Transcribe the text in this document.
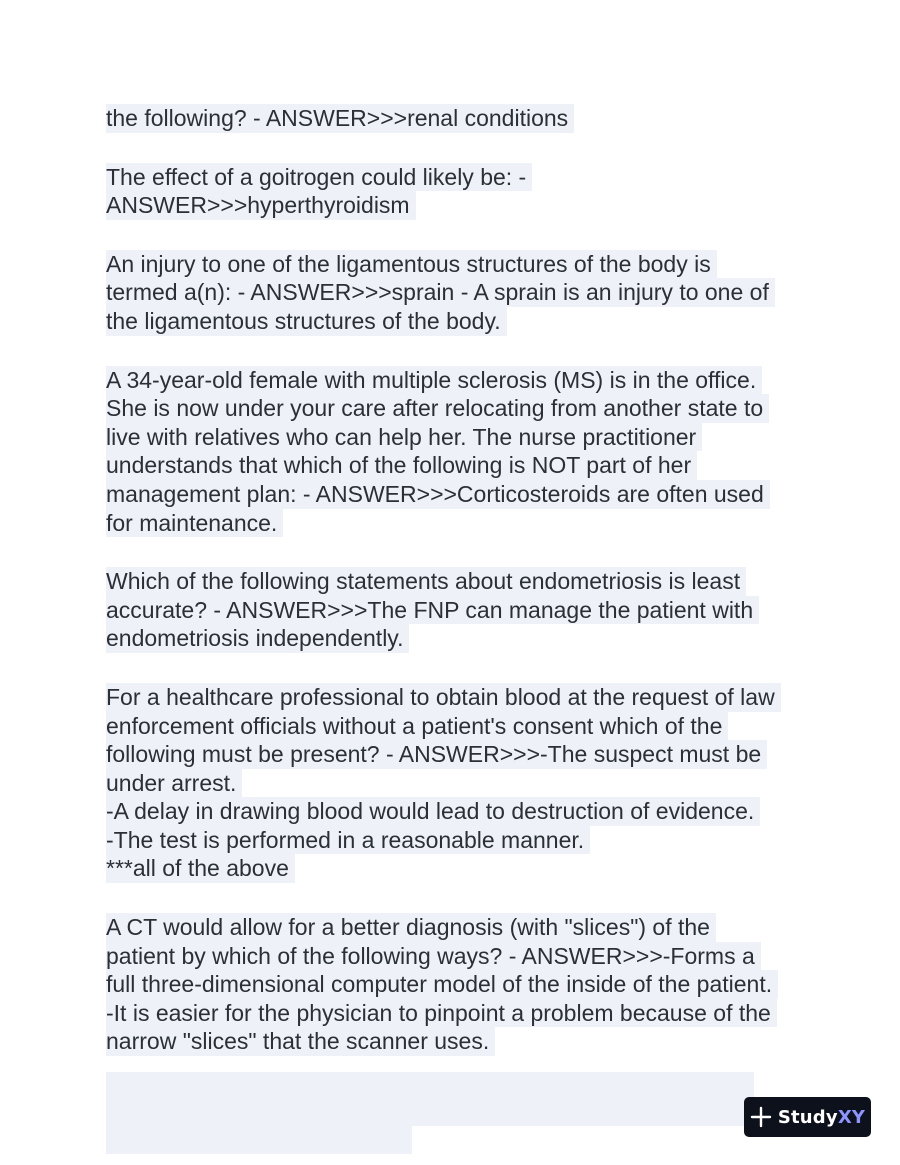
the following? - ANSWER>>>renal conditions
The effect of a goitrogen could likely be: -
ANSWER>>>hyperthyroidism
An injury to one of the ligamentous structures of the body is
termed a(n): - ANSWER>>>sprain - A sprain is an injury to one of
the ligamentous structures of the body.
A 34-year-old female with multiple sclerosis (MS) is in the office.
She is now under your care after relocating from another state to
live with relatives who can help her. The nurse practitioner
understands that which of the following is NOT part of her
management plan: - ANSWER>>>Corticosteroids are often used
for maintenance.
Which of the following statements about endometriosis is least
accurate? - ANSWER>>>The FNP can manage the patient with
endometriosis independently.
For a healthcare professional to obtain blood at the request of law
enforcement officials without a patient's consent which of the
following must be present? - ANSWER>>>-The suspect must be
under arrest.
-A delay in drawing blood would lead to destruction of evidence.
-The test is performed in a reasonable manner.
***all of the above
A CT would allow for a better diagnosis (with "slices") of the
patient by which of the following ways? - ANSWER>>>-Forms a
full three-dimensional computer model of the inside of the patient.
-It is easier for the physician to pinpoint a problem because of the
narrow "slices" that the scanner uses.
StudyXY
